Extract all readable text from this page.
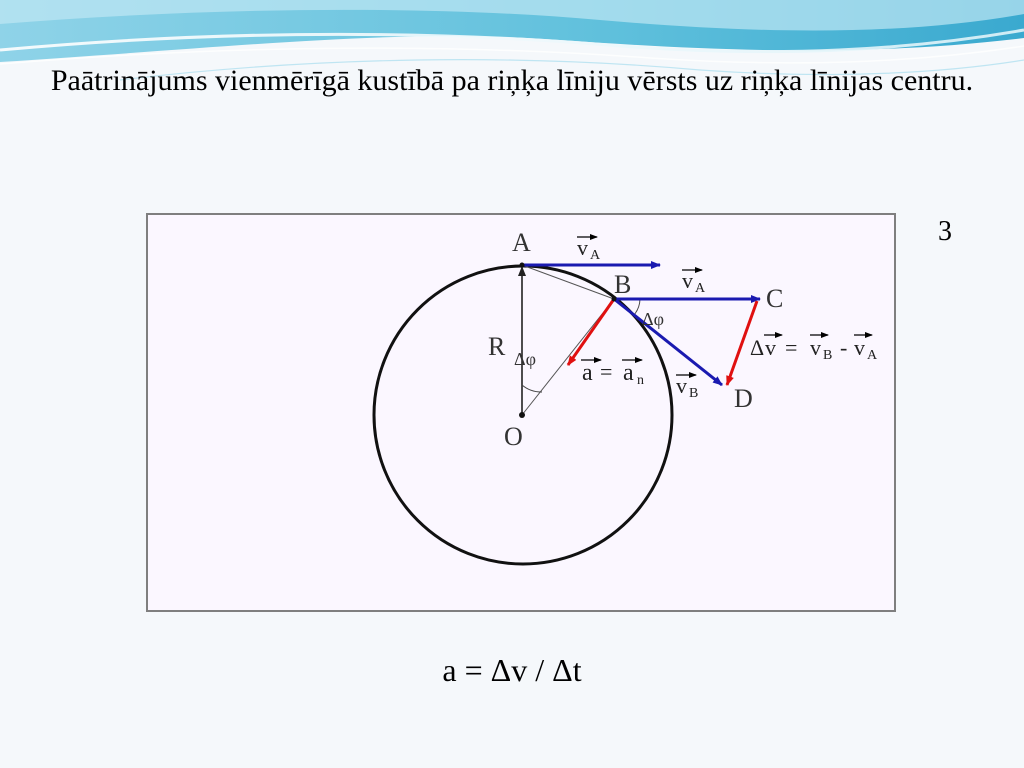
Paātrinājums vienmērīgā kustībā pa riņķa līniju vērsts uz riņķa līnijas centru.
3
A
B	C
D
O
R Δφ
Δφ
v A
v A
v B
a = a n
Δ v = v B - v A
a = Δv / Δt
